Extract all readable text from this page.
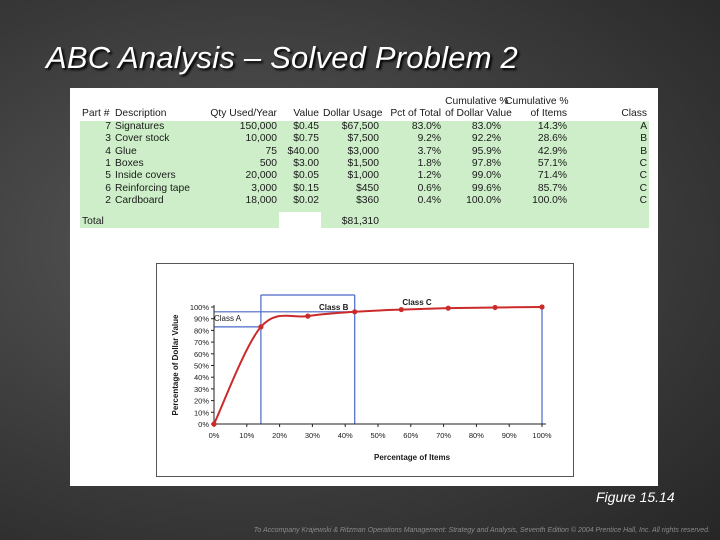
ABC Analysis – Solved Problem 2
						Cumulative %	Cumulative %	
Part #	Description	Qty Used/Year	Value	Dollar Usage	Pct of Total	of Dollar Value	of Items	Class
7	Signatures	150,000	$0.45	$67,500	83.0%	83.0%	14.3%	A
3	Cover stock	10,000	$0.75	$7,500	9.2%	92.2%	28.6%	B
4	Glue	75	$40.00	$3,000	3.7%	95.9%	42.9%	B
1	Boxes	500	$3.00	$1,500	1.8%	97.8%	57.1%	C
5	Inside covers	20,000	$0.05	$1,000	1.2%	99.0%	71.4%	C
6	Reinforcing tape	3,000	$0.15	$450	0.6%	99.6%	85.7%	C
2	Cardboard	18,000	$0.02	$360	0.4%	100.0%	100.0%	C

Total				$81,310				
0%
10%
20%
30%
40%
50%
60%
70%
80%
90%
100%
0%	10% 20% 30% 40% 50% 60% 70% 80% 90% 100%
Class A
Class B
Class C
Percentage of Items
Percentage of Dollar Value

Figure 15.14

To Accompany Krajewski & Ritzman Operations Management: Strategy and Analysis, Seventh Edition © 2004 Prentice Hall, Inc. All rights reserved.
